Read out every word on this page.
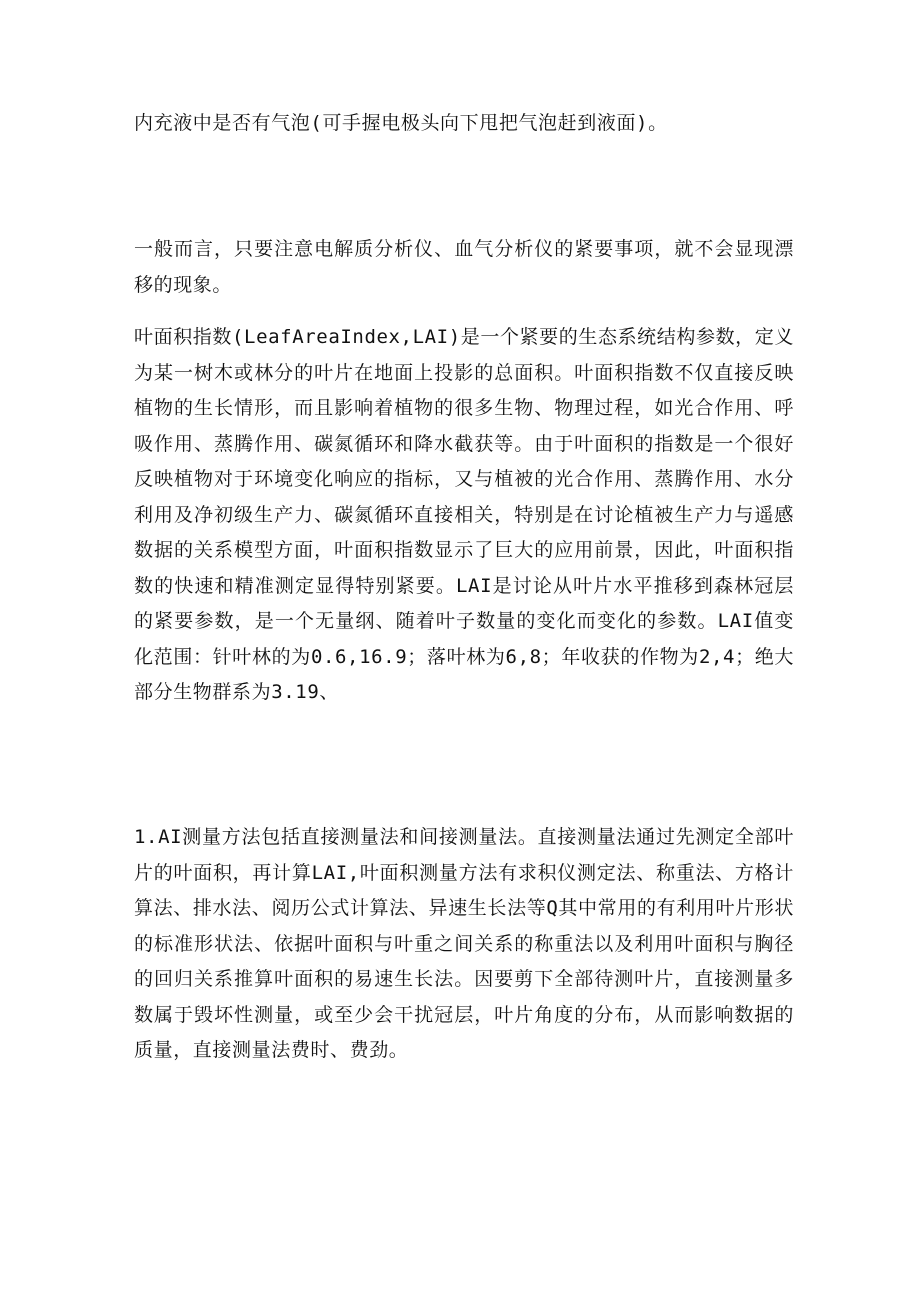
内充液中是否有气泡(可手握电极头向下甩把气泡赶到液面)。

一般而言，只要注意电解质分析仪、血气分析仪的紧要事项，就不会显现漂移的现象。

叶面积指数(LeafAreaIndex,LAI)是一个紧要的生态系统结构参数，定义为某一树木或林分的叶片在地面上投影的总面积。叶面积指数不仅直接反映植物的生长情形，而且影响着植物的很多生物、物理过程，如光合作用、呼吸作用、蒸腾作用、碳氮循环和降水截获等。由于叶面积的指数是一个很好反映植物对于环境变化响应的指标，又与植被的光合作用、蒸腾作用、水分利用及净初级生产力、碳氮循环直接相关，特别是在讨论植被生产力与遥感数据的关系模型方面，叶面积指数显示了巨大的应用前景，因此，叶面积指数的快速和精准测定显得特别紧要。LAI是讨论从叶片水平推移到森林冠层的紧要参数，是一个无量纲、随着叶子数量的变化而变化的参数。LAI值变化范围：针叶林的为0.6,16.9；落叶林为6,8；年收获的作物为2,4；绝大部分生物群系为3.19、

1.AI测量方法包括直接测量法和间接测量法。直接测量法通过先测定全部叶片的叶面积，再计算LAI,叶面积测量方法有求积仪测定法、称重法、方格计算法、排水法、阅历公式计算法、异速生长法等Q其中常用的有利用叶片形状的标准形状法、依据叶面积与叶重之间关系的称重法以及利用叶面积与胸径的回归关系推算叶面积的易速生长法。因要剪下全部待测叶片，直接测量多数属于毁坏性测量，或至少会干扰冠层，叶片角度的分布，从而影响数据的质量，直接测量法费时、费劲。
